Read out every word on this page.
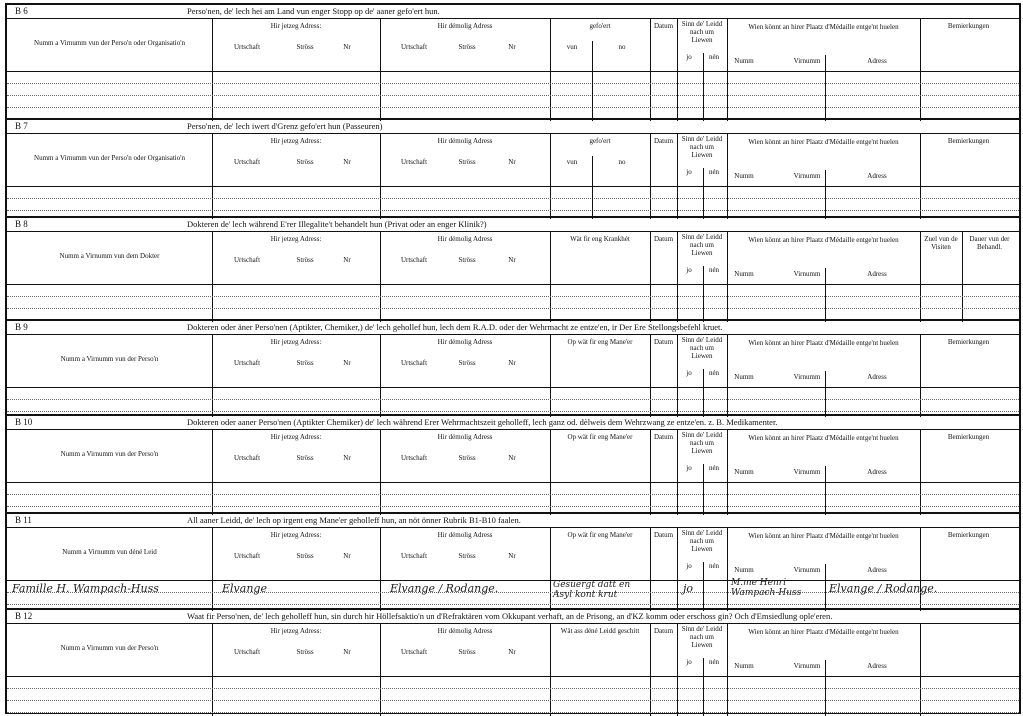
B 6	Perso'nen, de' lech hei am Land vun enger Stopp op de' aaner gefo'ert hun.
Numm a Virnumm vun der Perso'n oder Organisatio'n
Hir jetzeg Adress:
Urtschaft	Ströss	Nr
Hir démolig Adress
Urtschaft	Ströss	Nr
gefo'ert
vun	no
Datum	Sinn de' Leidd nach um Liewen
jo	nén
Wien könnt an hirer Plaatz d'Médaille entge'nt huelen
Numm	Virnumm	Adress
Bemierkungen
B 7	Perso'nen, de' lech iwert d'Grenz gefo'ert hun (Passeuren)
Numm a Virnumm vun der Perso'n oder Organisatio'n
Hir jetzeg Adress:
Urtschaft	Ströss	Nr
Hir démolig Adress
Urtschaft	Ströss	Nr
gefo'ert
vun	no
Datum	Sinn de' Leidd nach um Liewen
jo	nén
Wien könnt an hirer Plaatz d'Médaille entge'nt huelen
Numm	Virnumm	Adress
Bemierkungen
B 8	Dokteren de' lech während E'rer Illegalite't behandelt hun (Privat oder an enger Klinik?)
Numm a Virnumm vun dem Dokter
Hir jetzeg Adress:
Urtschaft	Ströss	Nr
Hir démolig Adress
Urtschaft	Ströss	Nr
Wät fir eng Krankhét	Datum	Sinn de' Leidd nach um Liewen
jo	nén
Wien könnt an hirer Plaatz d'Médaille entge'nt huelen
Numm	Virnumm	Adress
Zuel vun de Visiten
Dauer vun der Behandl.
B 9	Dokteren oder äner Perso'nen (Aptikter, Chemiker,) de' lech gehollef hun, lech dem R.A.D. oder der Wehrmacht ze entze'en, ir Der Ere Stellongsbefehl kruet.
Numm a Virnumm vun der Perso'n
Hir jetzeg Adress:
Urtschaft	Ströss	Nr
Hir démolig Adress
Urtschaft	Ströss	Nr
Op wät fir eng Mane'er	Datum	Sinn de' Leidd nach um Liewen
jo	nén
Wien könnt an hirer Plaatz d'Médaille entge'nt huelen
Numm	Virnumm	Adress
Bemierkungen
B 10	Dokteren oder aaner Perso'nen (Aptikter Chemiker) de' lech während Erer Wehrmachtszeit geholleff, lech ganz od. dèlweis dem Wehrzwang ze entze'en. z. B. Medikamenter.
Numm a Virnumm vun der Perso'n
Hir jetzeg Adress:
Urtschaft	Ströss	Nr
Hir démolig Adress
Urtschaft	Ströss	Nr
Op wät fir eng Mane'er	Datum	Sinn de' Leidd nach um Liewen
jo	nén
Wien könnt an hirer Plaatz d'Médaille entge'nt huelen
Numm	Virnumm	Adress
Bemierkungen
B 11	All aaner Leidd, de' lech op irgent eng Mane'er geholleff hun, an nöt önner Rubrik B1-B10 faalen.
Numm a Virnumm vun déné Leid
Hir jetzeg Adress:
Urtschaft	Ströss	Nr
Hir démolig Adress
Urtschaft	Ströss	Nr
Op wät fir eng Mane'er	Datum	Sinn de' Leidd nach um Liewen
jo	nén
Wien könnt an hirer Plaatz d'Médaille entge'nt huelen
Numm	Virnumm	Adress
Bemierkungen
Famille H. Wampach-Huss	Elvange	Elvange / Rodange.	Gesuergt datt en Asyl kont krut	jo	M.me Henri Wampach-Huss	Elvange / Rodange.
B 12	Waat fir Perso'nen, de' lech geholleff hun, sin durch hir Höllefsaktio'n un d'Refraktären vom Okkupant verhaft, an de Prisong, an d'KZ komm oder erschoss gin? Och d'Emsiedlung ople'eren.
Numm a Virnumm vun der Perso'n
Hir jetzeg Adress:
Urtschaft	Ströss	Nr
Hir démolig Adress
Urtschaft	Ströss	Nr
Wät ass déné Leidd geschitt	Datum	Sinn de' Leidd nach um Liewen
jo	nén
Wien könnt an hirer Plaatz d'Médaille entge'nt huelen
Numm	Virnumm	Adress
